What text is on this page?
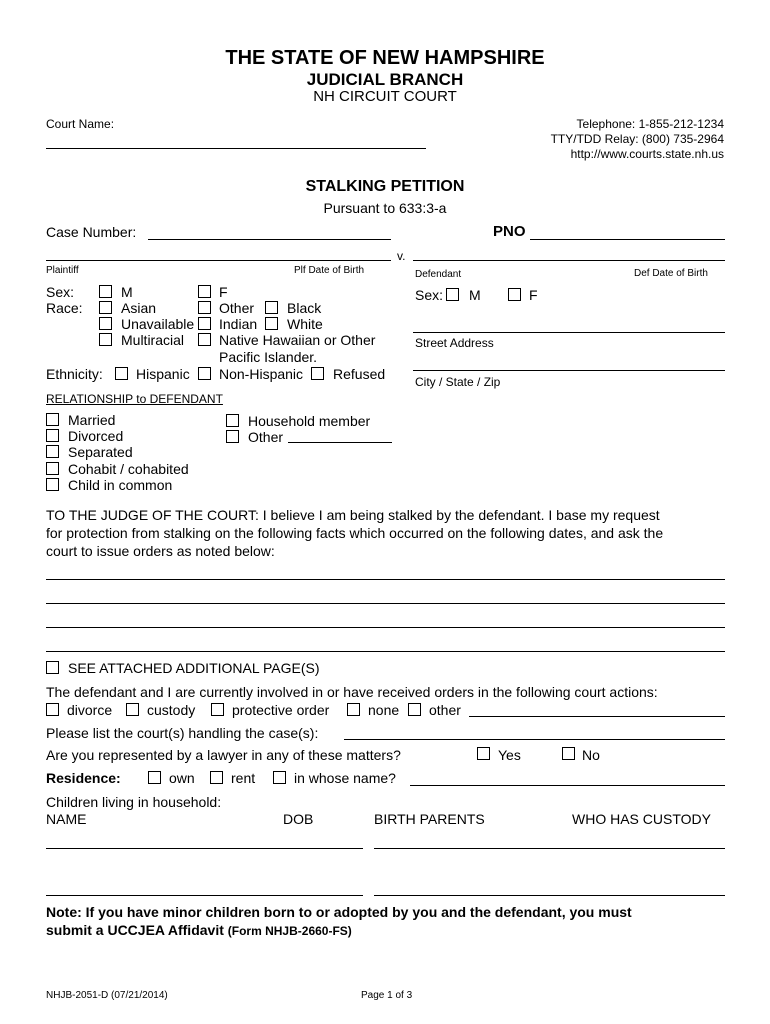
THE STATE OF NEW HAMPSHIRE
JUDICIAL BRANCH
NH CIRCUIT COURT
Court Name:	Telephone: 1-855-212-1234
TTY/TDD Relay: (800) 735-2964
http://www.courts.state.nh.us
STALKING PETITION
Pursuant to 633:3-a
Case Number:	PNO
v.
Plaintiff	Plf Date of Birth	Defendant	Def Date of Birth
Sex:	M	F
Race:	Asian	Other Black
Unavailable Indian White
Multiracial Native Hawaiian or Other
Pacific Islander.
Ethnicity: Hispanic Non-Hispanic Refused
Sex: M	F
Street Address
City / State / Zip
RELATIONSHIP to DEFENDANT
Married
Divorced
Separated
Cohabit / cohabited
Child in common
Household member
Other
TO THE JUDGE OF THE COURT: I believe I am being stalked by the defendant. I base my request
for protection from stalking on the following facts which occurred on the following dates, and ask the
court to issue orders as noted below:
SEE ATTACHED ADDITIONAL PAGE(S)
The defendant and I are currently involved in or have received orders in the following court actions:
divorce custody	protective order	none other
Please list the court(s) handling the case(s):
Are you represented by a lawyer in any of these matters?	Yes	No
Residence:	own	rent	in whose name?
Children living in household:
NAME	DOB	BIRTH PARENTS	WHO HAS CUSTODY
Note: If you have minor children born to or adopted by you and the defendant, you must
submit a UCCJEA Affidavit (Form NHJB-2660-FS)
NHJB-2051-D (07/21/2014)	Page 1 of 3
